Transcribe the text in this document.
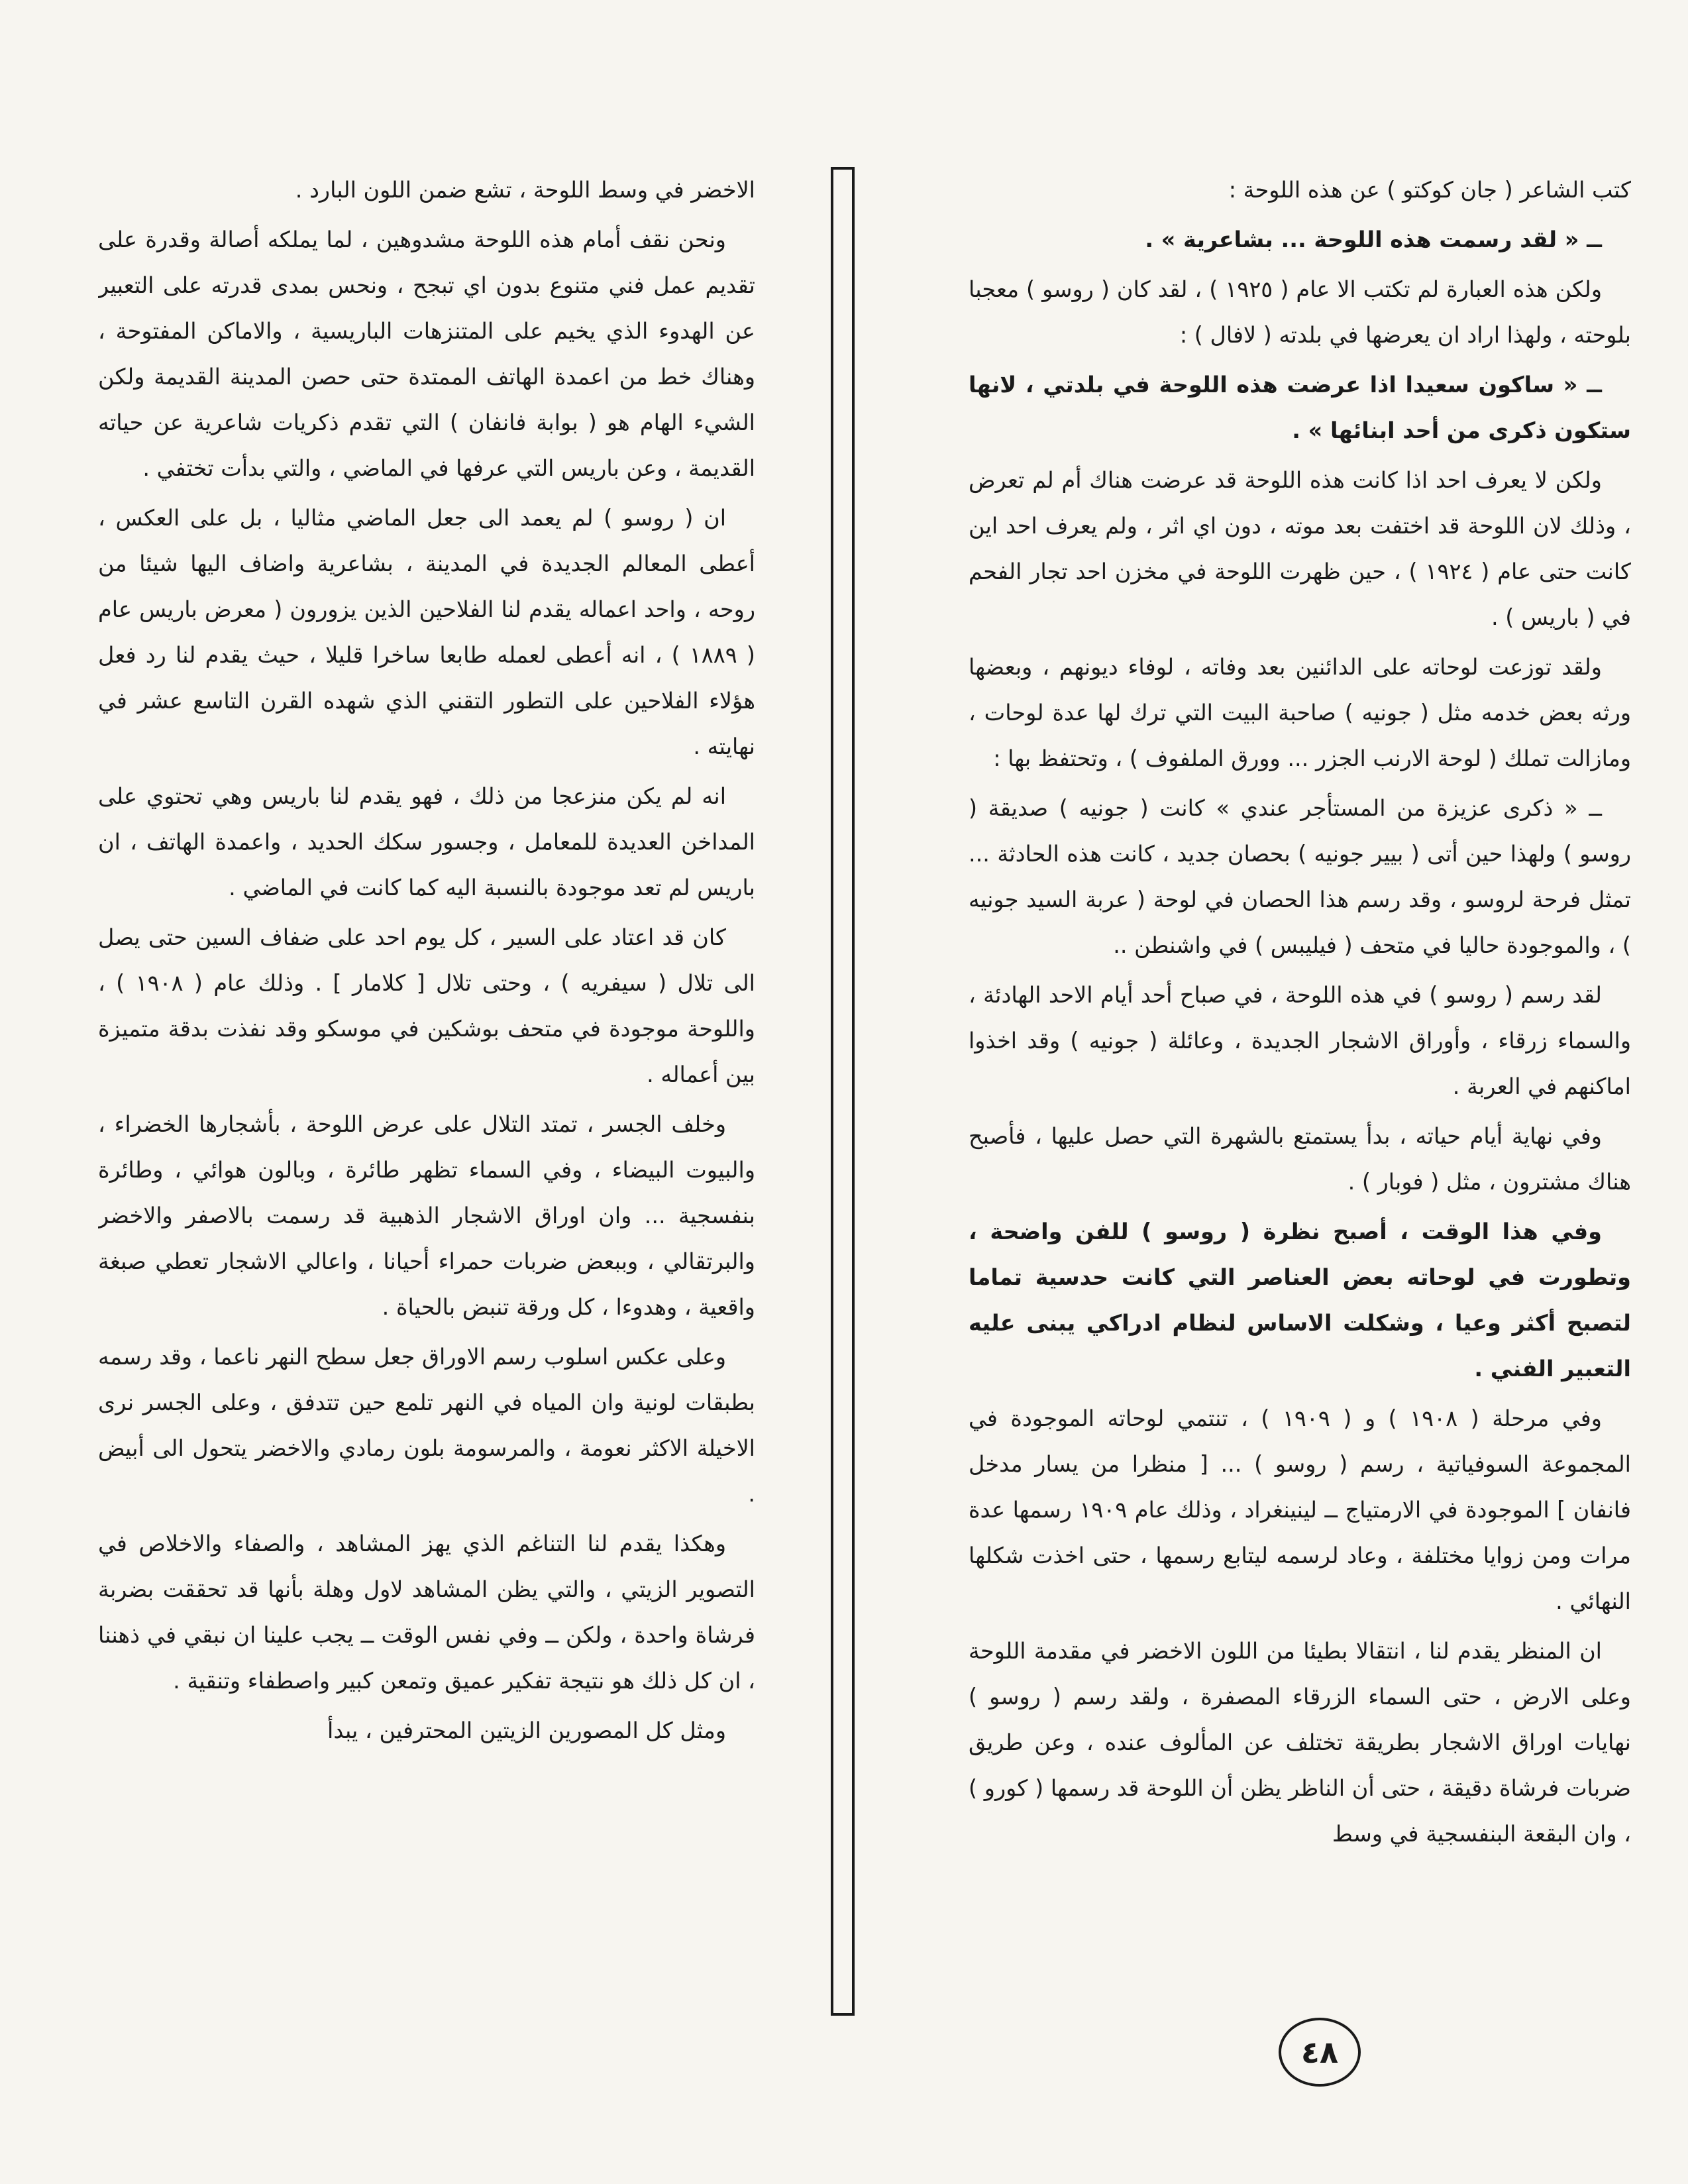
كتب الشاعر ( جان كوكتو ) عن هذه اللوحة :

ــ « لقد رسمت هذه اللوحة ... بشاعرية » .

ولكن هذه العبارة لم تكتب الا عام ( ١٩٢٥ ) ، لقد كان ( روسو ) معجبا بلوحته ، ولهذا اراد ان يعرضها في بلدته ( لافال ) :

ــ « ساكون سعيدا اذا عرضت هذه اللوحة في بلدتي ، لانها ستكون ذكرى من أحد ابنائها » .

ولكن لا يعرف احد اذا كانت هذه اللوحة قد عرضت هناك أم لم تعرض ، وذلك لان اللوحة قد اختفت بعد موته ، دون اي اثر ، ولم يعرف احد اين كانت حتى عام ( ١٩٢٤ ) ، حين ظهرت اللوحة في مخزن احد تجار الفحم في ( باريس ) .

ولقد توزعت لوحاته على الدائنين بعد وفاته ، لوفاء ديونهم ، وبعضها ورثه بعض خدمه مثل ( جونيه ) صاحبة البيت التي ترك لها عدة لوحات ، ومازالت تملك ( لوحة الارنب الجزر ... وورق الملفوف ) ، وتحتفظ بها :

ــ « ذكرى عزيزة من المستأجر عندي » كانت ( جونيه ) صديقة ( روسو ) ولهذا حين أتى ( بيير جونيه ) بحصان جديد ، كانت هذه الحادثة ... تمثل فرحة لروسو ، وقد رسم هذا الحصان في لوحة ( عربة السيد جونيه ) ، والموجودة حاليا في متحف ( فيليبس ) في واشنطن ..

لقد رسم ( روسو ) في هذه اللوحة ، في صباح أحد أيام الاحد الهادئة ، والسماء زرقاء ، وأوراق الاشجار الجديدة ، وعائلة ( جونيه ) وقد اخذوا اماكنهم في العربة .

وفي نهاية أيام حياته ، بدأ يستمتع بالشهرة التي حصل عليها ، فأصبح هناك مشترون ، مثل ( فوبار ) .

وفي هذا الوقت ، أصبح نظرة ( روسو ) للفن واضحة ، وتطورت في لوحاته بعض العناصر التي كانت حدسية تماما لتصبح أكثر وعيا ، وشكلت الاساس لنظام ادراكي يبنى عليه التعبير الفني .

وفي مرحلة ( ١٩٠٨ ) و ( ١٩٠٩ ) ، تنتمي لوحاته الموجودة في المجموعة السوفياتية ، رسم ( روسو ) ... [ منظرا من يسار مدخل فانفان ] الموجودة في الارمتياج ــ لينينغراد ، وذلك عام ١٩٠٩ رسمها عدة مرات ومن زوايا مختلفة ، وعاد لرسمه ليتابع رسمها ، حتى اخذت شكلها النهائي .

ان المنظر يقدم لنا ، انتقالا بطيئا من اللون الاخضر في مقدمة اللوحة وعلى الارض ، حتى السماء الزرقاء المصفرة ، ولقد رسم ( روسو ) نهايات اوراق الاشجار بطريقة تختلف عن المألوف عنده ، وعن طريق ضربات فرشاة دقيقة ، حتى أن الناظر يظن أن اللوحة قد رسمها ( كورو ) ، وان البقعة البنفسجية في وسط

الاخضر في وسط اللوحة ، تشع ضمن اللون البارد .

ونحن نقف أمام هذه اللوحة مشدوهين ، لما يملكه أصالة وقدرة على تقديم عمل فني متنوع بدون اي تبجح ، ونحس بمدى قدرته على التعبير عن الهدوء الذي يخيم على المتنزهات الباريسية ، والاماكن المفتوحة ، وهناك خط من اعمدة الهاتف الممتدة حتى حصن المدينة القديمة ولكن الشيء الهام هو ( بوابة فانفان ) التي تقدم ذكريات شاعرية عن حياته القديمة ، وعن باريس التي عرفها في الماضي ، والتي بدأت تختفي .

ان ( روسو ) لم يعمد الى جعل الماضي مثاليا ، بل على العكس ، أعطى المعالم الجديدة في المدينة ، بشاعرية واضاف اليها شيئا من روحه ، واحد اعماله يقدم لنا الفلاحين الذين يزورون ( معرض باريس عام ( ١٨٨٩ ) ، انه أعطى لعمله طابعا ساخرا قليلا ، حيث يقدم لنا رد فعل هؤلاء الفلاحين على التطور التقني الذي شهده القرن التاسع عشر في نهايته .

انه لم يكن منزعجا من ذلك ، فهو يقدم لنا باريس وهي تحتوي على المداخن العديدة للمعامل ، وجسور سكك الحديد ، واعمدة الهاتف ، ان باريس لم تعد موجودة بالنسبة اليه كما كانت في الماضي .

كان قد اعتاد على السير ، كل يوم احد على ضفاف السين حتى يصل الى تلال ( سيفريه ) ، وحتى تلال [ كلامار ] . وذلك عام ( ١٩٠٨ ) ، واللوحة موجودة في متحف بوشكين في موسكو وقد نفذت بدقة متميزة بين أعماله .

وخلف الجسر ، تمتد التلال على عرض اللوحة ، بأشجارها الخضراء ، والبيوت البيضاء ، وفي السماء تظهر طائرة ، وبالون هوائي ، وطائرة بنفسجية ... وان اوراق الاشجار الذهبية قد رسمت بالاصفر والاخضر والبرتقالي ، وببعض ضربات حمراء أحيانا ، واعالي الاشجار تعطي صبغة واقعية ، وهدوءا ، كل ورقة تنبض بالحياة .

وعلى عكس اسلوب رسم الاوراق جعل سطح النهر ناعما ، وقد رسمه بطبقات لونية وان المياه في النهر تلمع حين تتدفق ، وعلى الجسر نرى الاخيلة الاكثر نعومة ، والمرسومة بلون رمادي والاخضر يتحول الى أبيض .

وهكذا يقدم لنا التناغم الذي يهز المشاهد ، والصفاء والاخلاص في التصوير الزيتي ، والتي يظن المشاهد لاول وهلة بأنها قد تحققت بضربة فرشاة واحدة ، ولكن ــ وفي نفس الوقت ــ يجب علينا ان نبقي في ذهننا ، ان كل ذلك هو نتيجة تفكير عميق وتمعن كبير واصطفاء وتنقية .

ومثل كل المصورين الزيتين المحترفين ، يبدأ

٤٨
